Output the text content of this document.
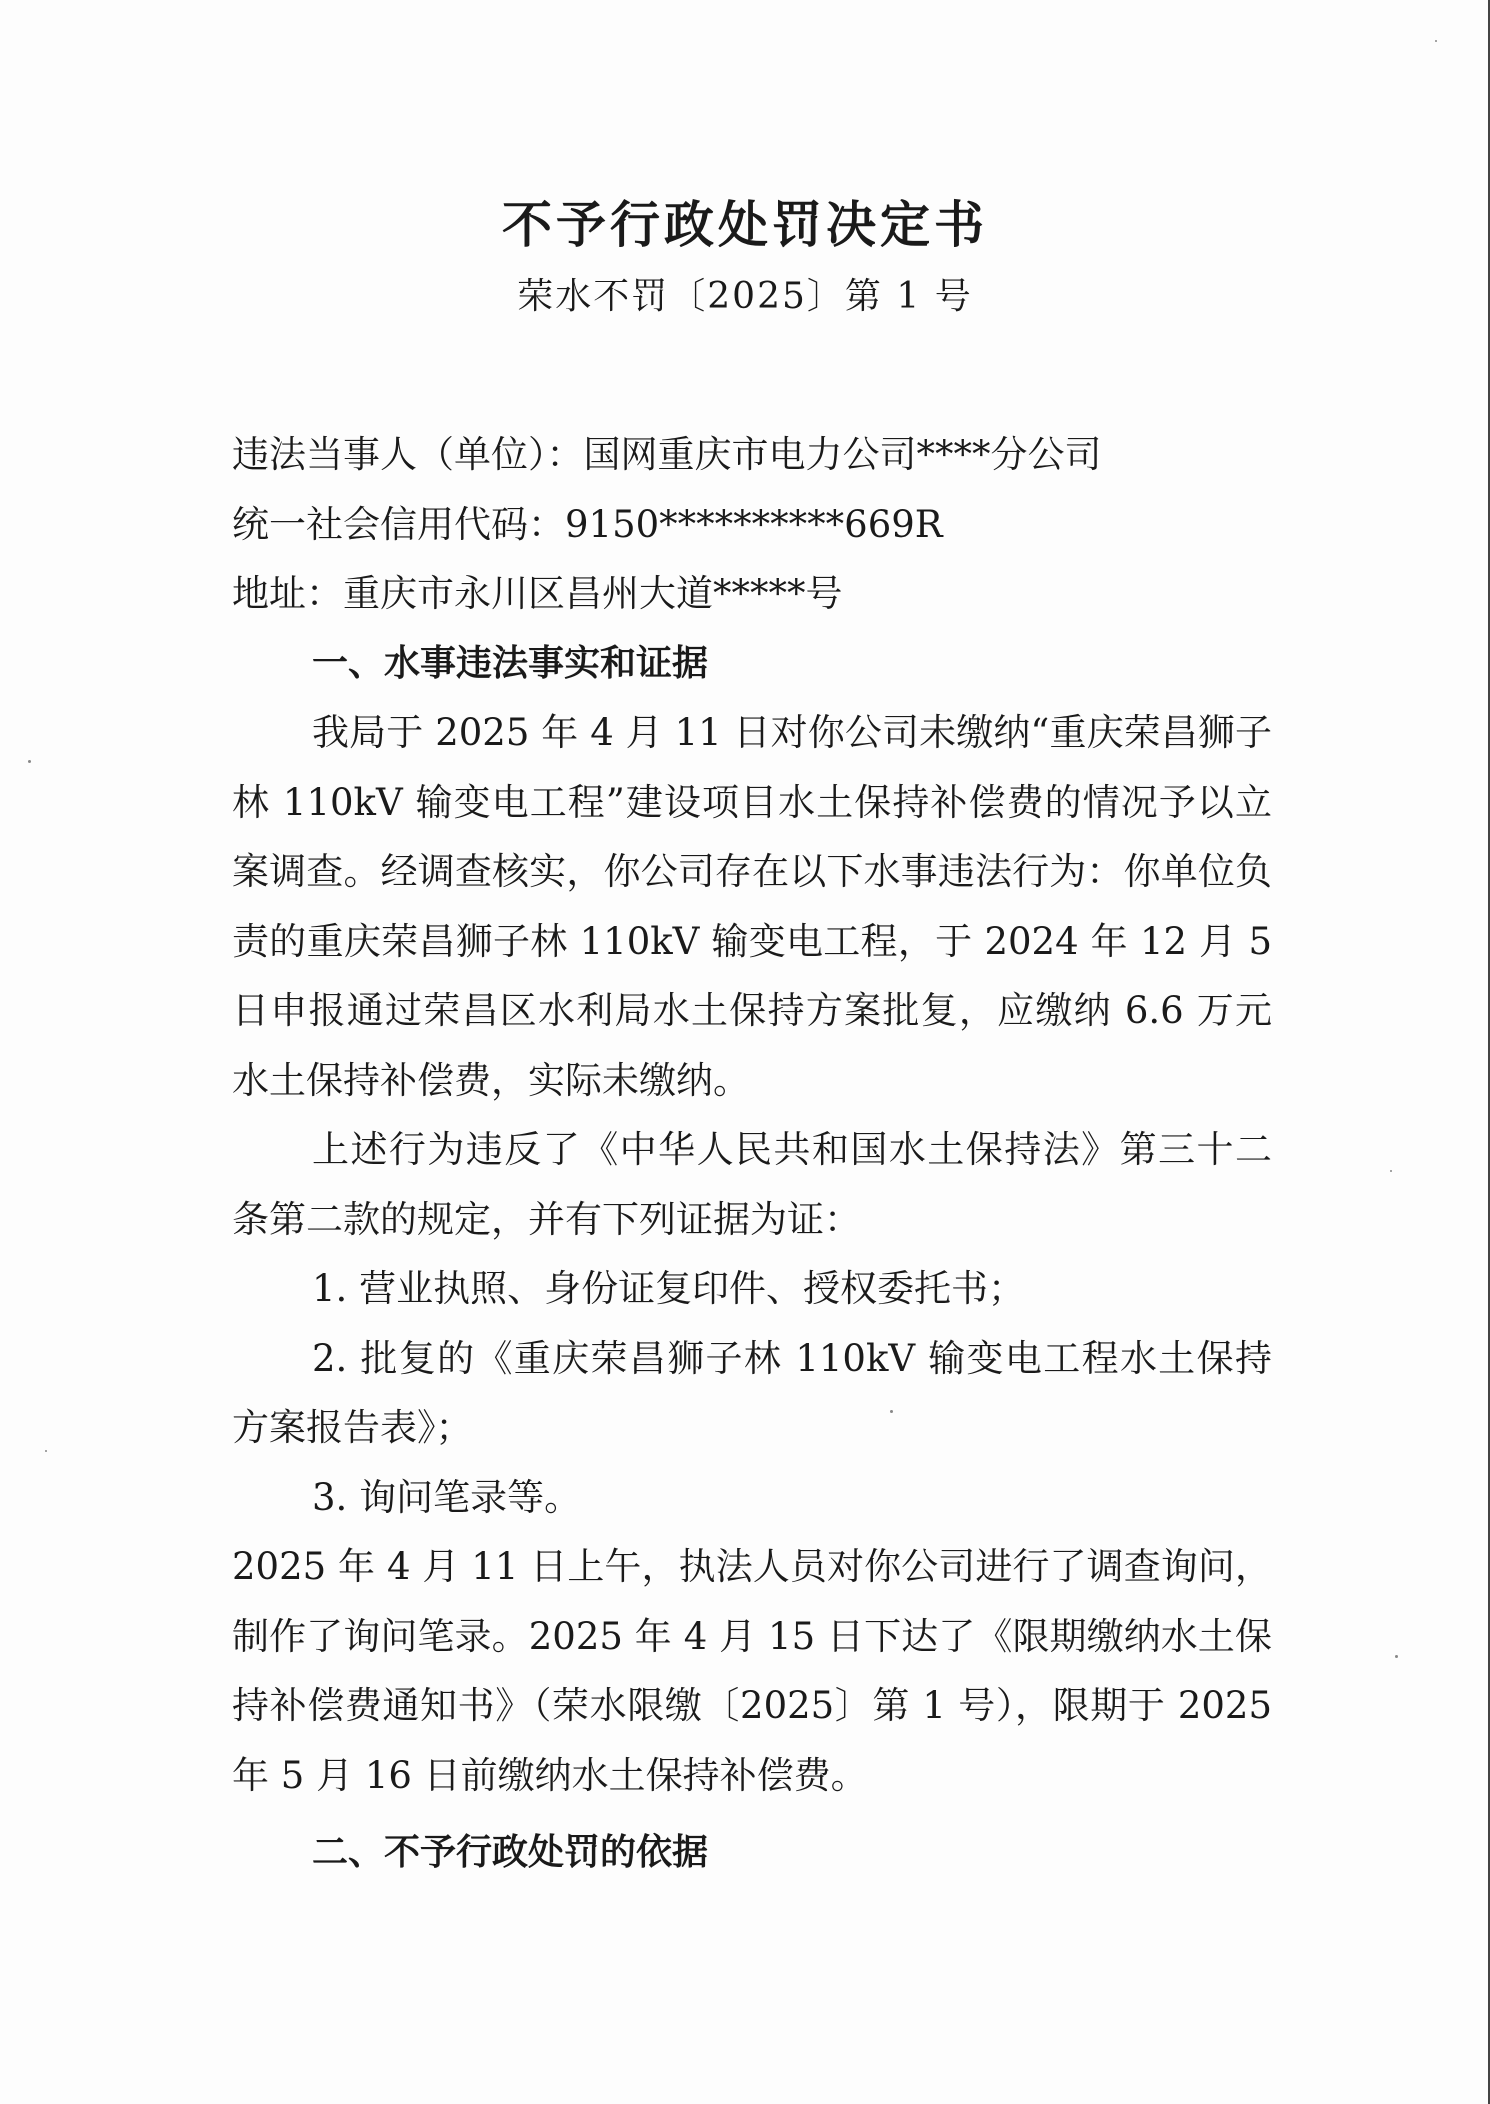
不予行政处罚决定书
荣水不罚〔2025〕第 1 号

违法当事人（单位）：国网重庆市电力公司****分公司

统一社会信用代码：9150**********669R

地址：重庆市永川区昌州大道*****号

一、水事违法事实和证据

我局于 2025 年 4 月 11 日对你公司未缴纳“重庆荣昌狮子林 110kV 输变电工程”建设项目水土保持补偿费的情况予以立案调查。经调查核实，你公司存在以下水事违法行为：你单位负责的重庆荣昌狮子林 110kV 输变电工程，于 2024 年 12 月 5 日申报通过荣昌区水利局水土保持方案批复，应缴纳 6.6 万元水土保持补偿费，实际未缴纳。

上述行为违反了《中华人民共和国水土保持法》第三十二条第二款的规定，并有下列证据为证：

1. 营业执照、身份证复印件、授权委托书；

2. 批复的《重庆荣昌狮子林 110kV 输变电工程水土保持方案报告表》；

3. 询问笔录等。

2025 年 4 月 11 日上午，执法人员对你公司进行了调查询问，制作了询问笔录。2025 年 4 月 15 日下达了《限期缴纳水土保持补偿费通知书》（荣水限缴〔2025〕第 1 号），限期于 2025 年 5 月 16 日前缴纳水土保持补偿费。

二、不予行政处罚的依据
